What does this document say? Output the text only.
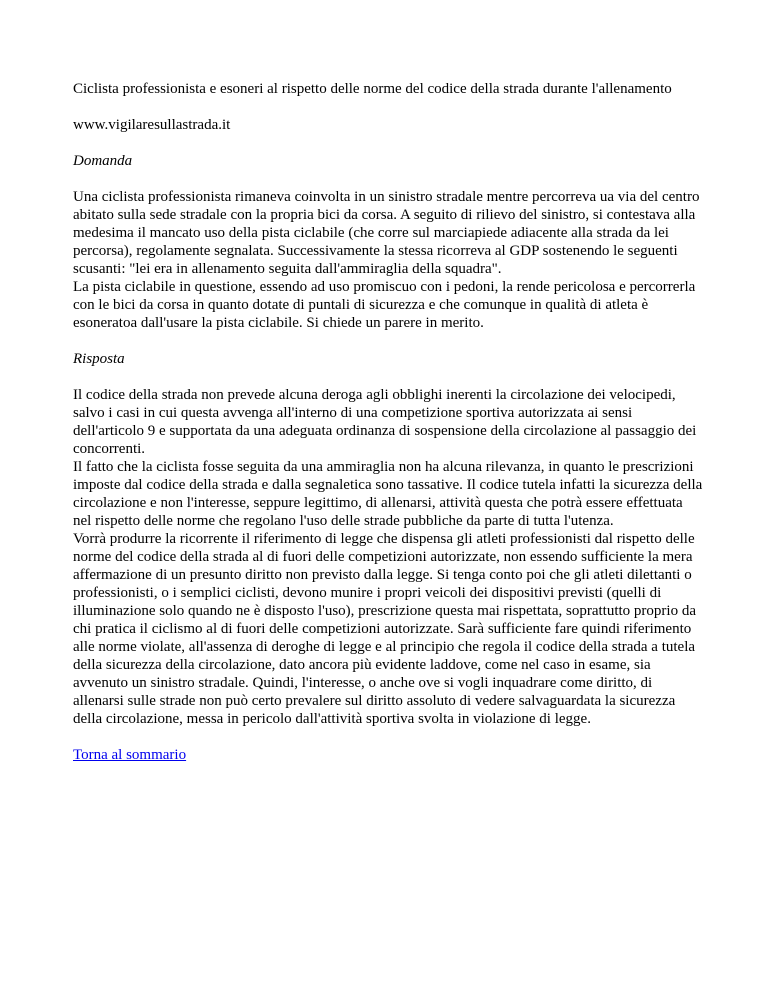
Ciclista professionista e esoneri al rispetto delle norme del codice della strada durante l'allenamento
www.vigilaresullastrada.it
Domanda
Una ciclista professionista rimaneva coinvolta in un sinistro stradale mentre percorreva ua via del centro abitato sulla sede stradale con la propria bici da corsa. A seguito di rilievo del sinistro, si contestava alla medesima il mancato uso della pista ciclabile (che corre sul marciapiede adiacente alla strada da lei percorsa), regolamente segnalata. Successivamente la stessa ricorreva al GDP sostenendo le seguenti scusanti: "lei era in allenamento seguita dall'ammiraglia della squadra".
La pista ciclabile in questione, essendo ad uso promiscuo con i pedoni, la rende pericolosa e percorrerla con le bici da corsa in quanto dotate di puntali di sicurezza e che comunque in qualità di atleta è esoneratoa dall'usare la pista ciclabile. Si chiede un parere in merito.
Risposta
Il codice della strada non prevede alcuna deroga agli obblighi inerenti la circolazione dei velocipedi, salvo i casi in cui questa avvenga all'interno di una competizione sportiva autorizzata ai sensi dell'articolo 9 e supportata da una adeguata ordinanza di sospensione della circolazione al passaggio dei concorrenti.
Il fatto che la ciclista fosse seguita da una ammiraglia non ha alcuna rilevanza, in quanto le prescrizioni imposte dal codice della strada e dalla segnaletica sono tassative. Il codice tutela infatti la sicurezza della circolazione e non l'interesse, seppure legittimo, di allenarsi, attività questa che potrà essere effettuata nel rispetto delle norme che regolano l'uso delle strade pubbliche da parte di tutta l'utenza.
Vorrà produrre la ricorrente il riferimento di legge che dispensa gli atleti professionisti dal rispetto delle norme del codice della strada al di fuori delle competizioni autorizzate, non essendo sufficiente la mera affermazione di un presunto diritto non previsto dalla legge. Si tenga conto poi che gli atleti dilettanti o professionisti, o i semplici ciclisti, devono munire i propri veicoli dei dispositivi previsti (quelli di illuminazione solo quando ne è disposto l'uso), prescrizione questa mai rispettata, soprattutto proprio da chi pratica il ciclismo al di fuori delle competizioni autorizzate. Sarà sufficiente fare quindi riferimento alle norme violate, all'assenza di deroghe di legge e al principio che regola il codice della strada a tutela della sicurezza della circolazione, dato ancora più evidente laddove, come nel caso in esame, sia avvenuto un sinistro stradale. Quindi, l'interesse, o anche ove si vogli inquadrare come diritto, di allenarsi sulle strade non può certo prevalere sul diritto assoluto di vedere salvaguardata la sicurezza della circolazione, messa in pericolo dall'attività sportiva svolta in violazione di legge.
Torna al sommario
